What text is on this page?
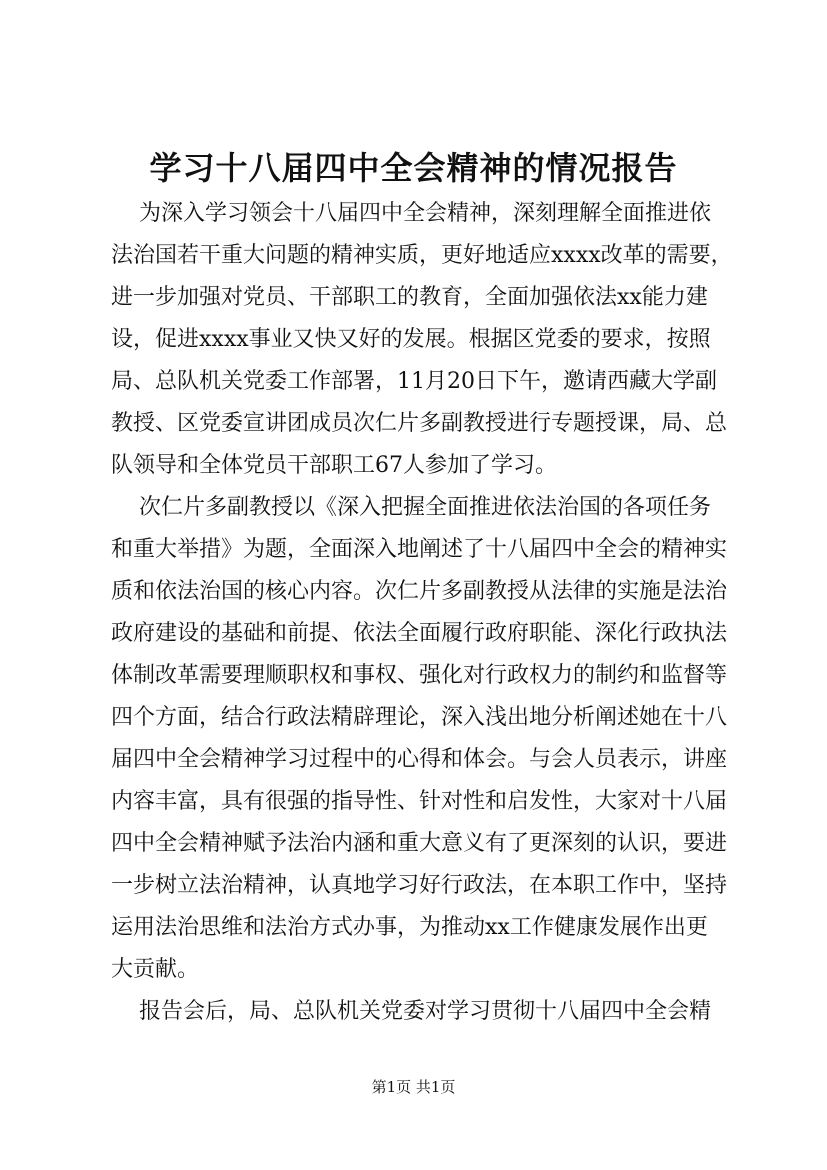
学习十八届四中全会精神的情况报告
为深入学习领会十八届四中全会精神，深刻理解全面推进依
法治国若干重大问题的精神实质，更好地适应xxxx改革的需要，
进一步加强对党员、干部职工的教育，全面加强依法xx能力建
设，促进xxxx事业又快又好的发展。根据区党委的要求，按照
局、总队机关党委工作部署，11月20日下午，邀请西藏大学副
教授、区党委宣讲团成员次仁片多副教授进行专题授课，局、总
队领导和全体党员干部职工67人参加了学习。
次仁片多副教授以《深入把握全面推进依法治国的各项任务
和重大举措》为题，全面深入地阐述了十八届四中全会的精神实
质和依法治国的核心内容。次仁片多副教授从法律的实施是法治
政府建设的基础和前提、依法全面履行政府职能、深化行政执法
体制改革需要理顺职权和事权、强化对行政权力的制约和监督等
四个方面，结合行政法精辟理论，深入浅出地分析阐述她在十八
届四中全会精神学习过程中的心得和体会。与会人员表示，讲座
内容丰富，具有很强的指导性、针对性和启发性，大家对十八届
四中全会精神赋予法治内涵和重大意义有了更深刻的认识，要进
一步树立法治精神，认真地学习好行政法，在本职工作中，坚持
运用法治思维和法治方式办事，为推动xx工作健康发展作出更
大贡献。
报告会后，局、总队机关党委对学习贯彻十八届四中全会精
第1页 共1页
